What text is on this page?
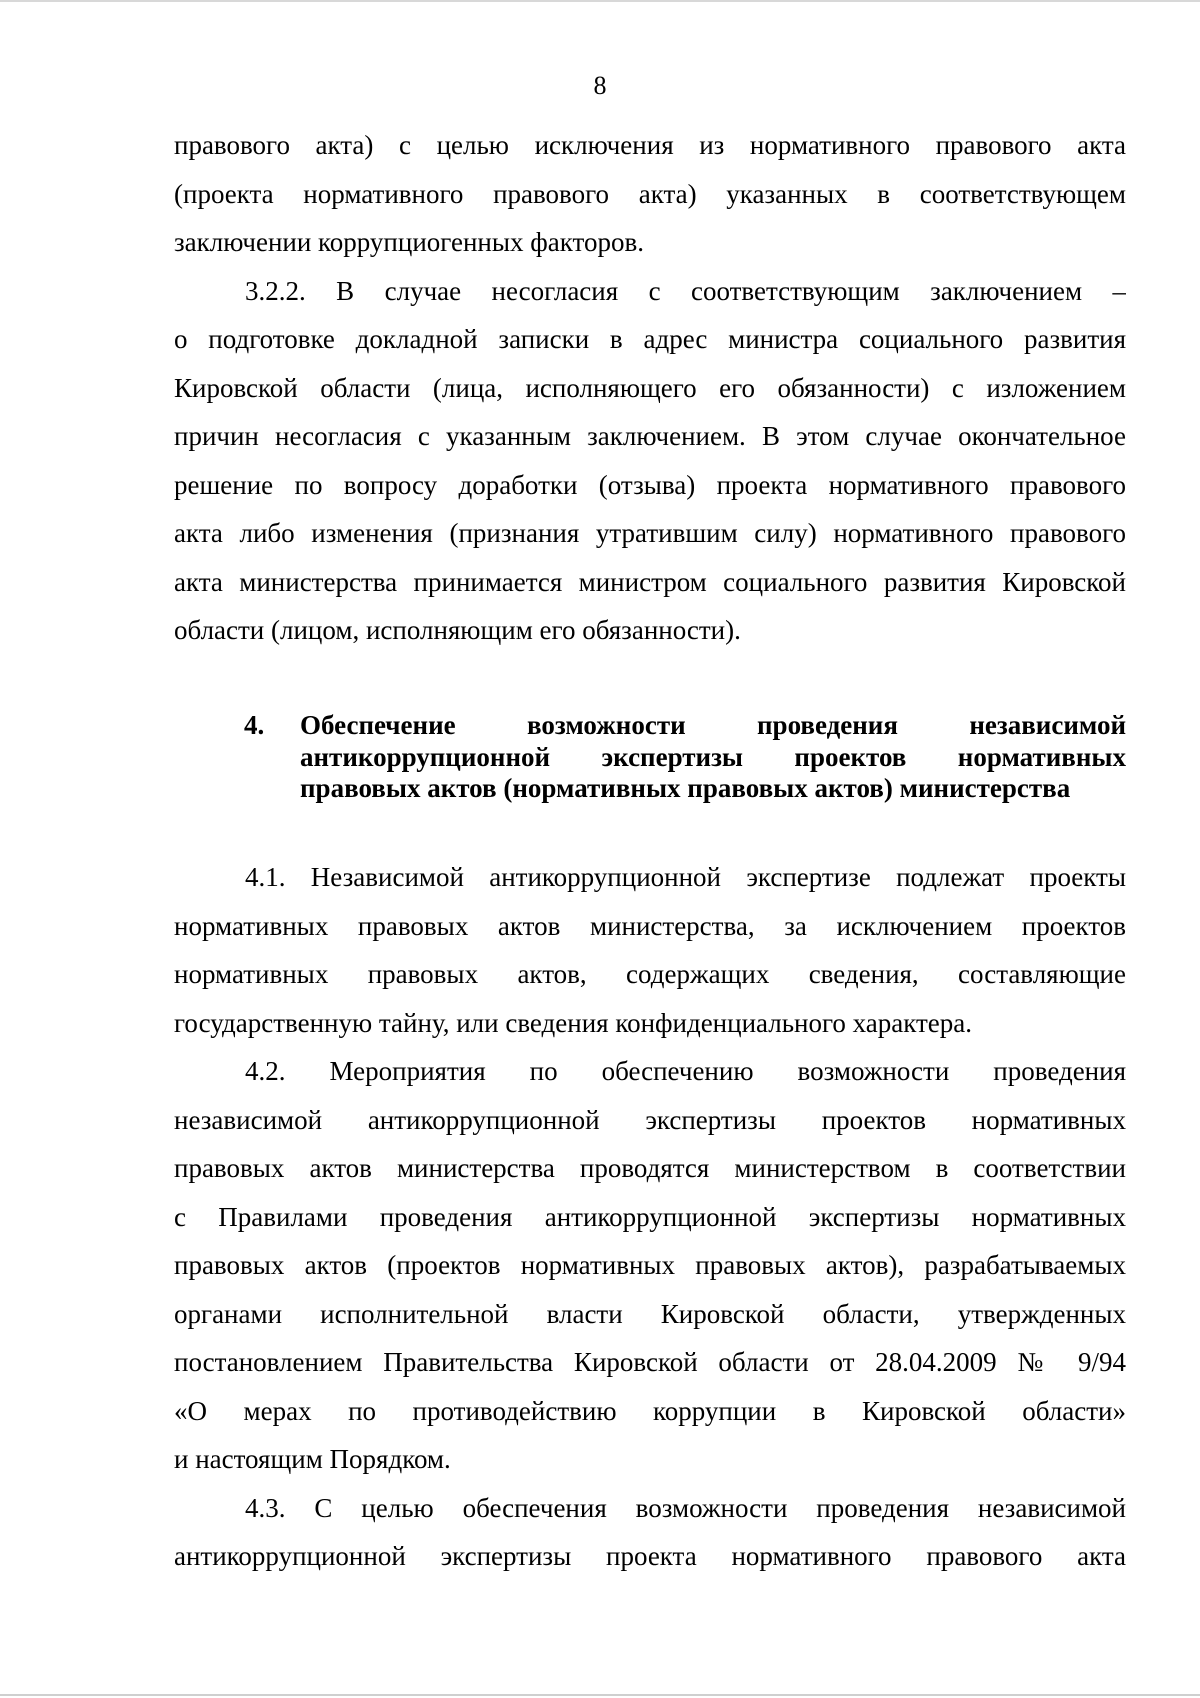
8
правового акта) с целью исключения из нормативного правового акта
(проекта нормативного правового акта) указанных в соответствующем
заключении коррупциогенных факторов.
3.2.2. В случае несогласия с соответствующим заключением –
о подготовке докладной записки в адрес министра социального развития
Кировской области (лица, исполняющего его обязанности) с изложением
причин несогласия с указанным заключением. В этом случае окончательное
решение по вопросу доработки (отзыва) проекта нормативного правового
акта либо изменения (признания утратившим силу) нормативного правового
акта министерства принимается министром социального развития Кировской
области (лицом, исполняющим его обязанности).
4. Обеспечение возможности проведения независимой
антикоррупционной экспертизы проектов нормативных
правовых актов (нормативных правовых актов) министерства
4.1. Независимой антикоррупционной экспертизе подлежат проекты
нормативных правовых актов министерства, за исключением проектов
нормативных правовых актов, содержащих сведения, составляющие
государственную тайну, или сведения конфиденциального характера.
4.2. Мероприятия по обеспечению возможности проведения
независимой антикоррупционной экспертизы проектов нормативных
правовых актов министерства проводятся министерством в соответствии
с Правилами проведения антикоррупционной экспертизы нормативных
правовых актов (проектов нормативных правовых актов), разрабатываемых
органами исполнительной власти Кировской области, утвержденных
постановлением Правительства Кировской области от 28.04.2009 № 9/94
«О мерах по противодействию коррупции в Кировской области»
и настоящим Порядком.
4.3. С целью обеспечения возможности проведения независимой
антикоррупционной экспертизы проекта нормативного правового акта
